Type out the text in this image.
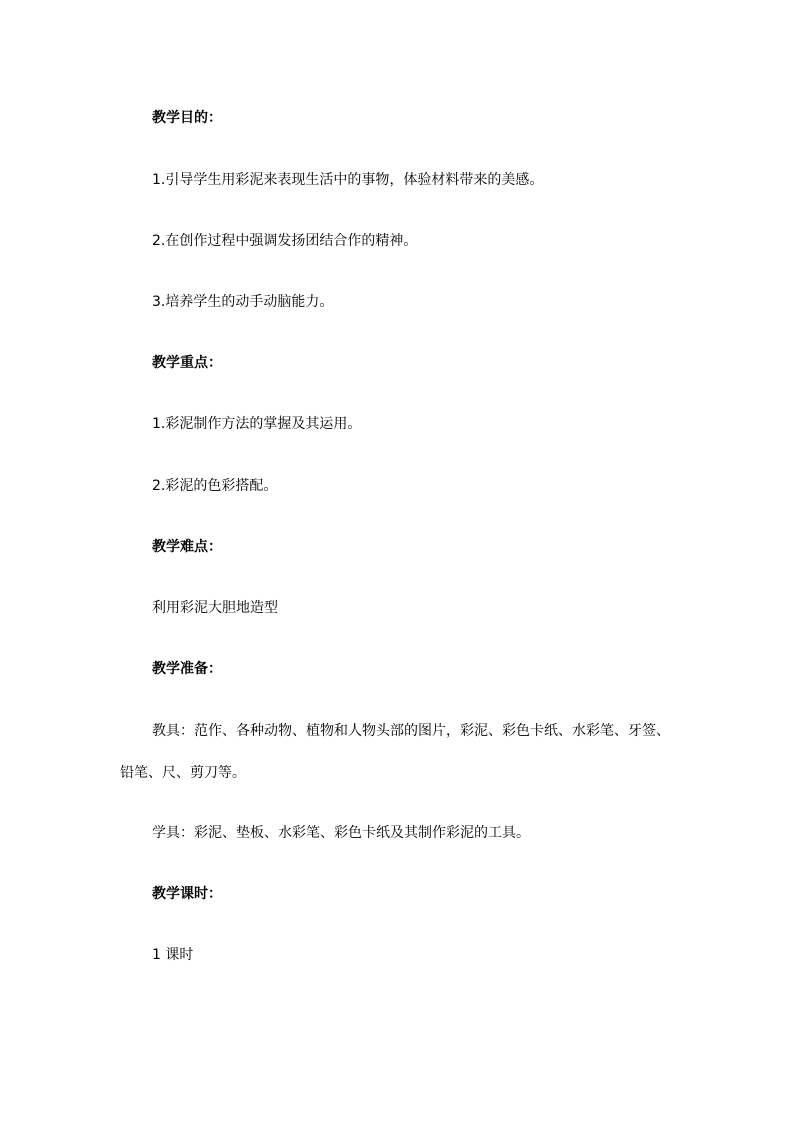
教学目的：
1.引导学生用彩泥来表现生活中的事物，体验材料带来的美感。
2.在创作过程中强调发扬团结合作的精神。
3.培养学生的动手动脑能力。
教学重点：
1.彩泥制作方法的掌握及其运用。
2.彩泥的色彩搭配。
教学难点：
利用彩泥大胆地造型
教学准备：
教具：范作、各种动物、植物和人物头部的图片，彩泥、彩色卡纸、水彩笔、牙签、铅笔、尺、剪刀等。
学具：彩泥、垫板、水彩笔、彩色卡纸及其制作彩泥的工具。
教学课时：
1 课时
